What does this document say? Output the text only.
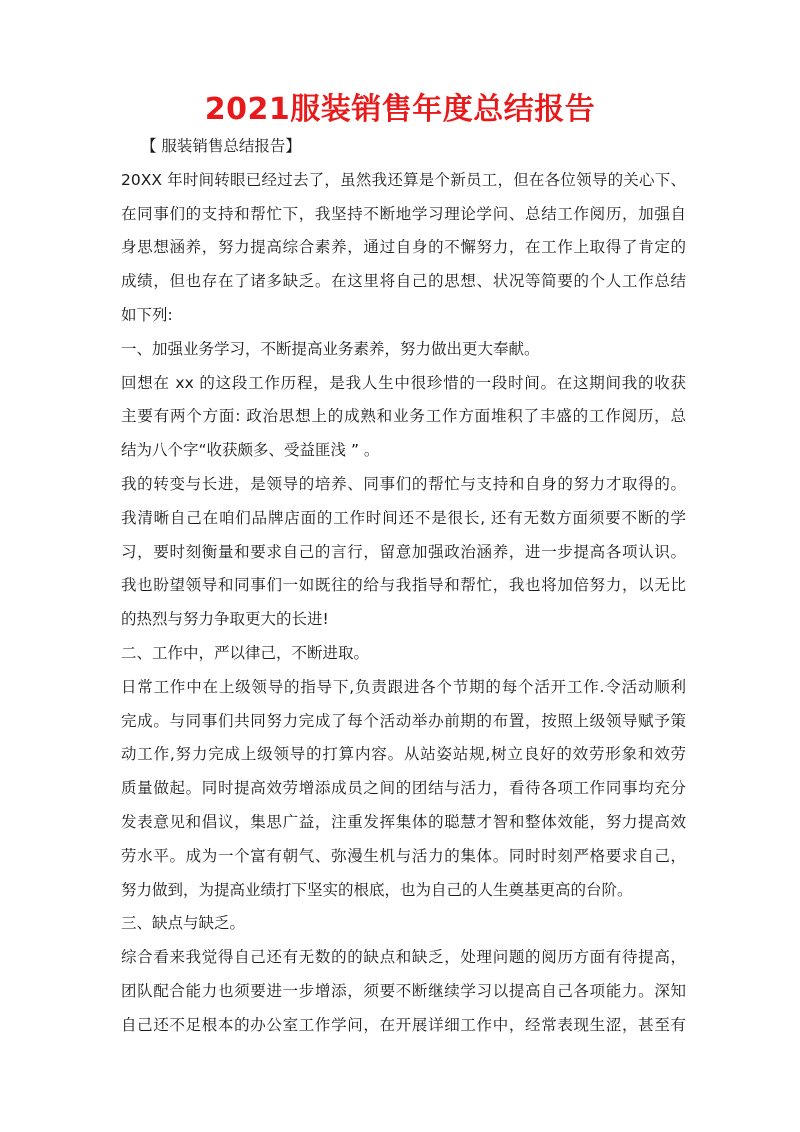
2021服装销售年度总结报告
【 服装销售总结报告】
20XX 年时间转眼已经过去了，虽然我还算是个新员工，但在各位领导的关心下、
在同事们的支持和帮忙下，我坚持不断地学习理论学问、总结工作阅历，加强自
身思想涵养，努力提高综合素养，通过自身的不懈努力，在工作上取得了肯定的
成绩，但也存在了诸多缺乏。在这里将自己的思想、状况等简要的个人工作总结
如下列:
一、加强业务学习，不断提高业务素养，努力做出更大奉献。
回想在 xx 的这段工作历程，是我人生中很珍惜的一段时间。在这期间我的收获
主要有两个方面: 政治思想上的成熟和业务工作方面堆积了丰盛的工作阅历，总
结为八个字“收获颇多、受益匪浅 ” 。
我的转变与长进，是领导的培养、同事们的帮忙与支持和自身的努力才取得的。
我清晰自己在咱们品牌店面的工作时间还不是很长, 还有无数方面须要不断的学
习，要时刻衡量和要求自己的言行，留意加强政治涵养，进一步提高各项认识。
我也盼望领导和同事们一如既往的给与我指导和帮忙，我也将加倍努力，以无比
的热烈与努力争取更大的长进!
二、工作中，严以律己，不断进取。
日常工作中在上级领导的指导下,负责跟进各个节期的每个活开工作.令活动顺利
完成。与同事们共同努力完成了每个活动举办前期的布置，按照上级领导赋予策
动工作,努力完成上级领导的打算内容。从站姿站规,树立良好的效劳形象和效劳
质量做起。同时提高效劳增添成员之间的团结与活力，看待各项工作同事均充分
发表意见和倡议，集思广益，注重发挥集体的聪慧才智和整体效能，努力提高效
劳水平。成为一个富有朝气、弥漫生机与活力的集体。同时时刻严格要求自己，
努力做到，为提高业绩打下坚实的根底，也为自己的人生奠基更高的台阶。
三、缺点与缺乏。
综合看来我觉得自己还有无数的的缺点和缺乏，处理问题的阅历方面有待提高，
团队配合能力也须要进一步增添，须要不断继续学习以提高自己各项能力。深知
自己还不足根本的办公室工作学问，在开展详细工作中，经常表现生涩，甚至有
